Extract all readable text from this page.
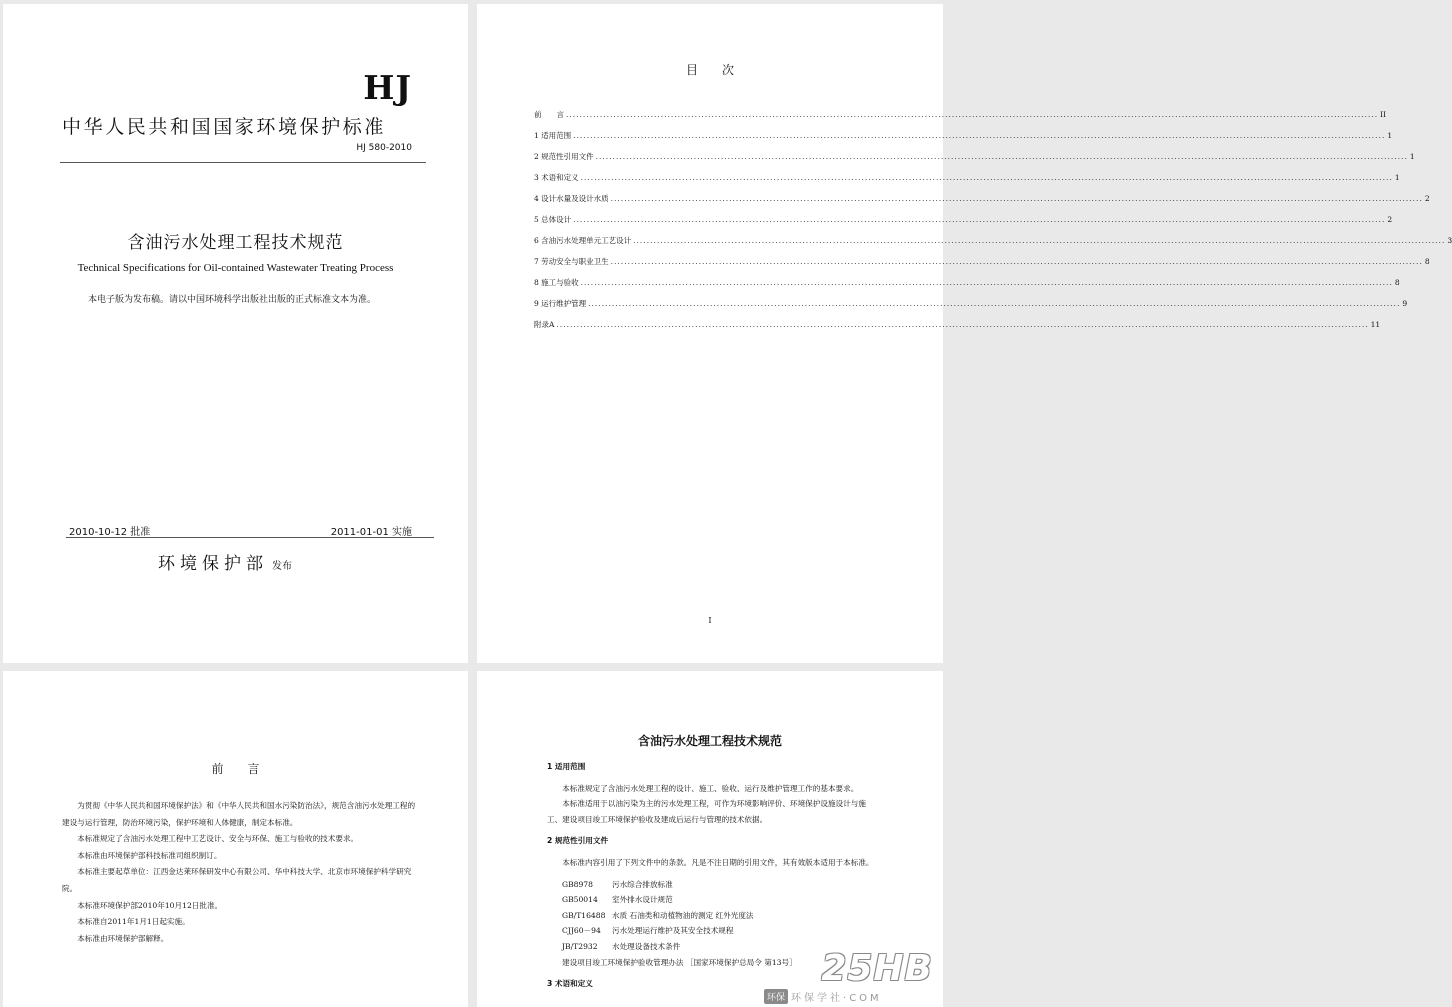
HJ
中华人民共和国国家环境保护标准
HJ 580-2010
含油污水处理工程技术规范
Technical Specifications for Oil-contained Wastewater Treating Process
本电子版为发布稿。请以中国环境科学出版社出版的正式标准文本为准。
2010-10-12 批准	2011-01-01 实施
环境保护部 发布
目　　次
前　　言 ................................................................................................................................................................................................................................................ II
1 适用范围 ................................................................................................................................................................................................................................................ 1
2 规范性引用文件 ................................................................................................................................................................................................................................................ 1
3 术语和定义 ................................................................................................................................................................................................................................................ 1
4 设计水量及设计水质 ................................................................................................................................................................................................................................................ 2
5 总体设计 ................................................................................................................................................................................................................................................ 2
6 含油污水处理单元工艺设计 ................................................................................................................................................................................................................................................ 3
7 劳动安全与职业卫生 ................................................................................................................................................................................................................................................ 8
8 施工与验收 ................................................................................................................................................................................................................................................ 8
9 运行维护管理 ................................................................................................................................................................................................................................................ 9
附录A ................................................................................................................................................................................................................................................ 11
I
前　　言

为贯彻《中华人民共和国环境保护法》和《中华人民共和国水污染防治法》，规范含油污水处理工程的建设与运行管理，防治环境污染，保护环境和人体健康，制定本标准。

本标准规定了含油污水处理工程中工艺设计、安全与环保、施工与验收的技术要求。

本标准由环境保护部科技标准司组织制订。

本标准主要起草单位：江西金达莱环保研发中心有限公司、华中科技大学、北京市环境保护科学研究院。

本标准环境保护部2010年10月12日批准。

本标准自2011年1月1日起实施。

本标准由环境保护部解释。

含油污水处理工程技术规范
1 适用范围

本标准规定了含油污水处理工程的设计、施工、验收、运行及维护管理工作的基本要求。

本标准适用于以油污染为主的污水处理工程，可作为环境影响评价、环境保护设施设计与施工、建设项目竣工环境保护验收及建成后运行与管理的技术依据。

2 规范性引用文件

本标准内容引用了下列文件中的条款。凡是不注日期的引用文件，其有效版本适用于本标准。

GB8978	污水综合排放标准
GB50014 室外排水设计规范
GB/T16488 水质 石油类和动植物油的测定 红外光度法
CJJ60－94 污水处理运行维护及其安全技术规程
JB/T2932 水处理设备技术条件
建设项目竣工环境保护验收管理办法 ［国家环境保护总局令 第13号］
3 术语和定义	25HB
环保 环保学社·COM
